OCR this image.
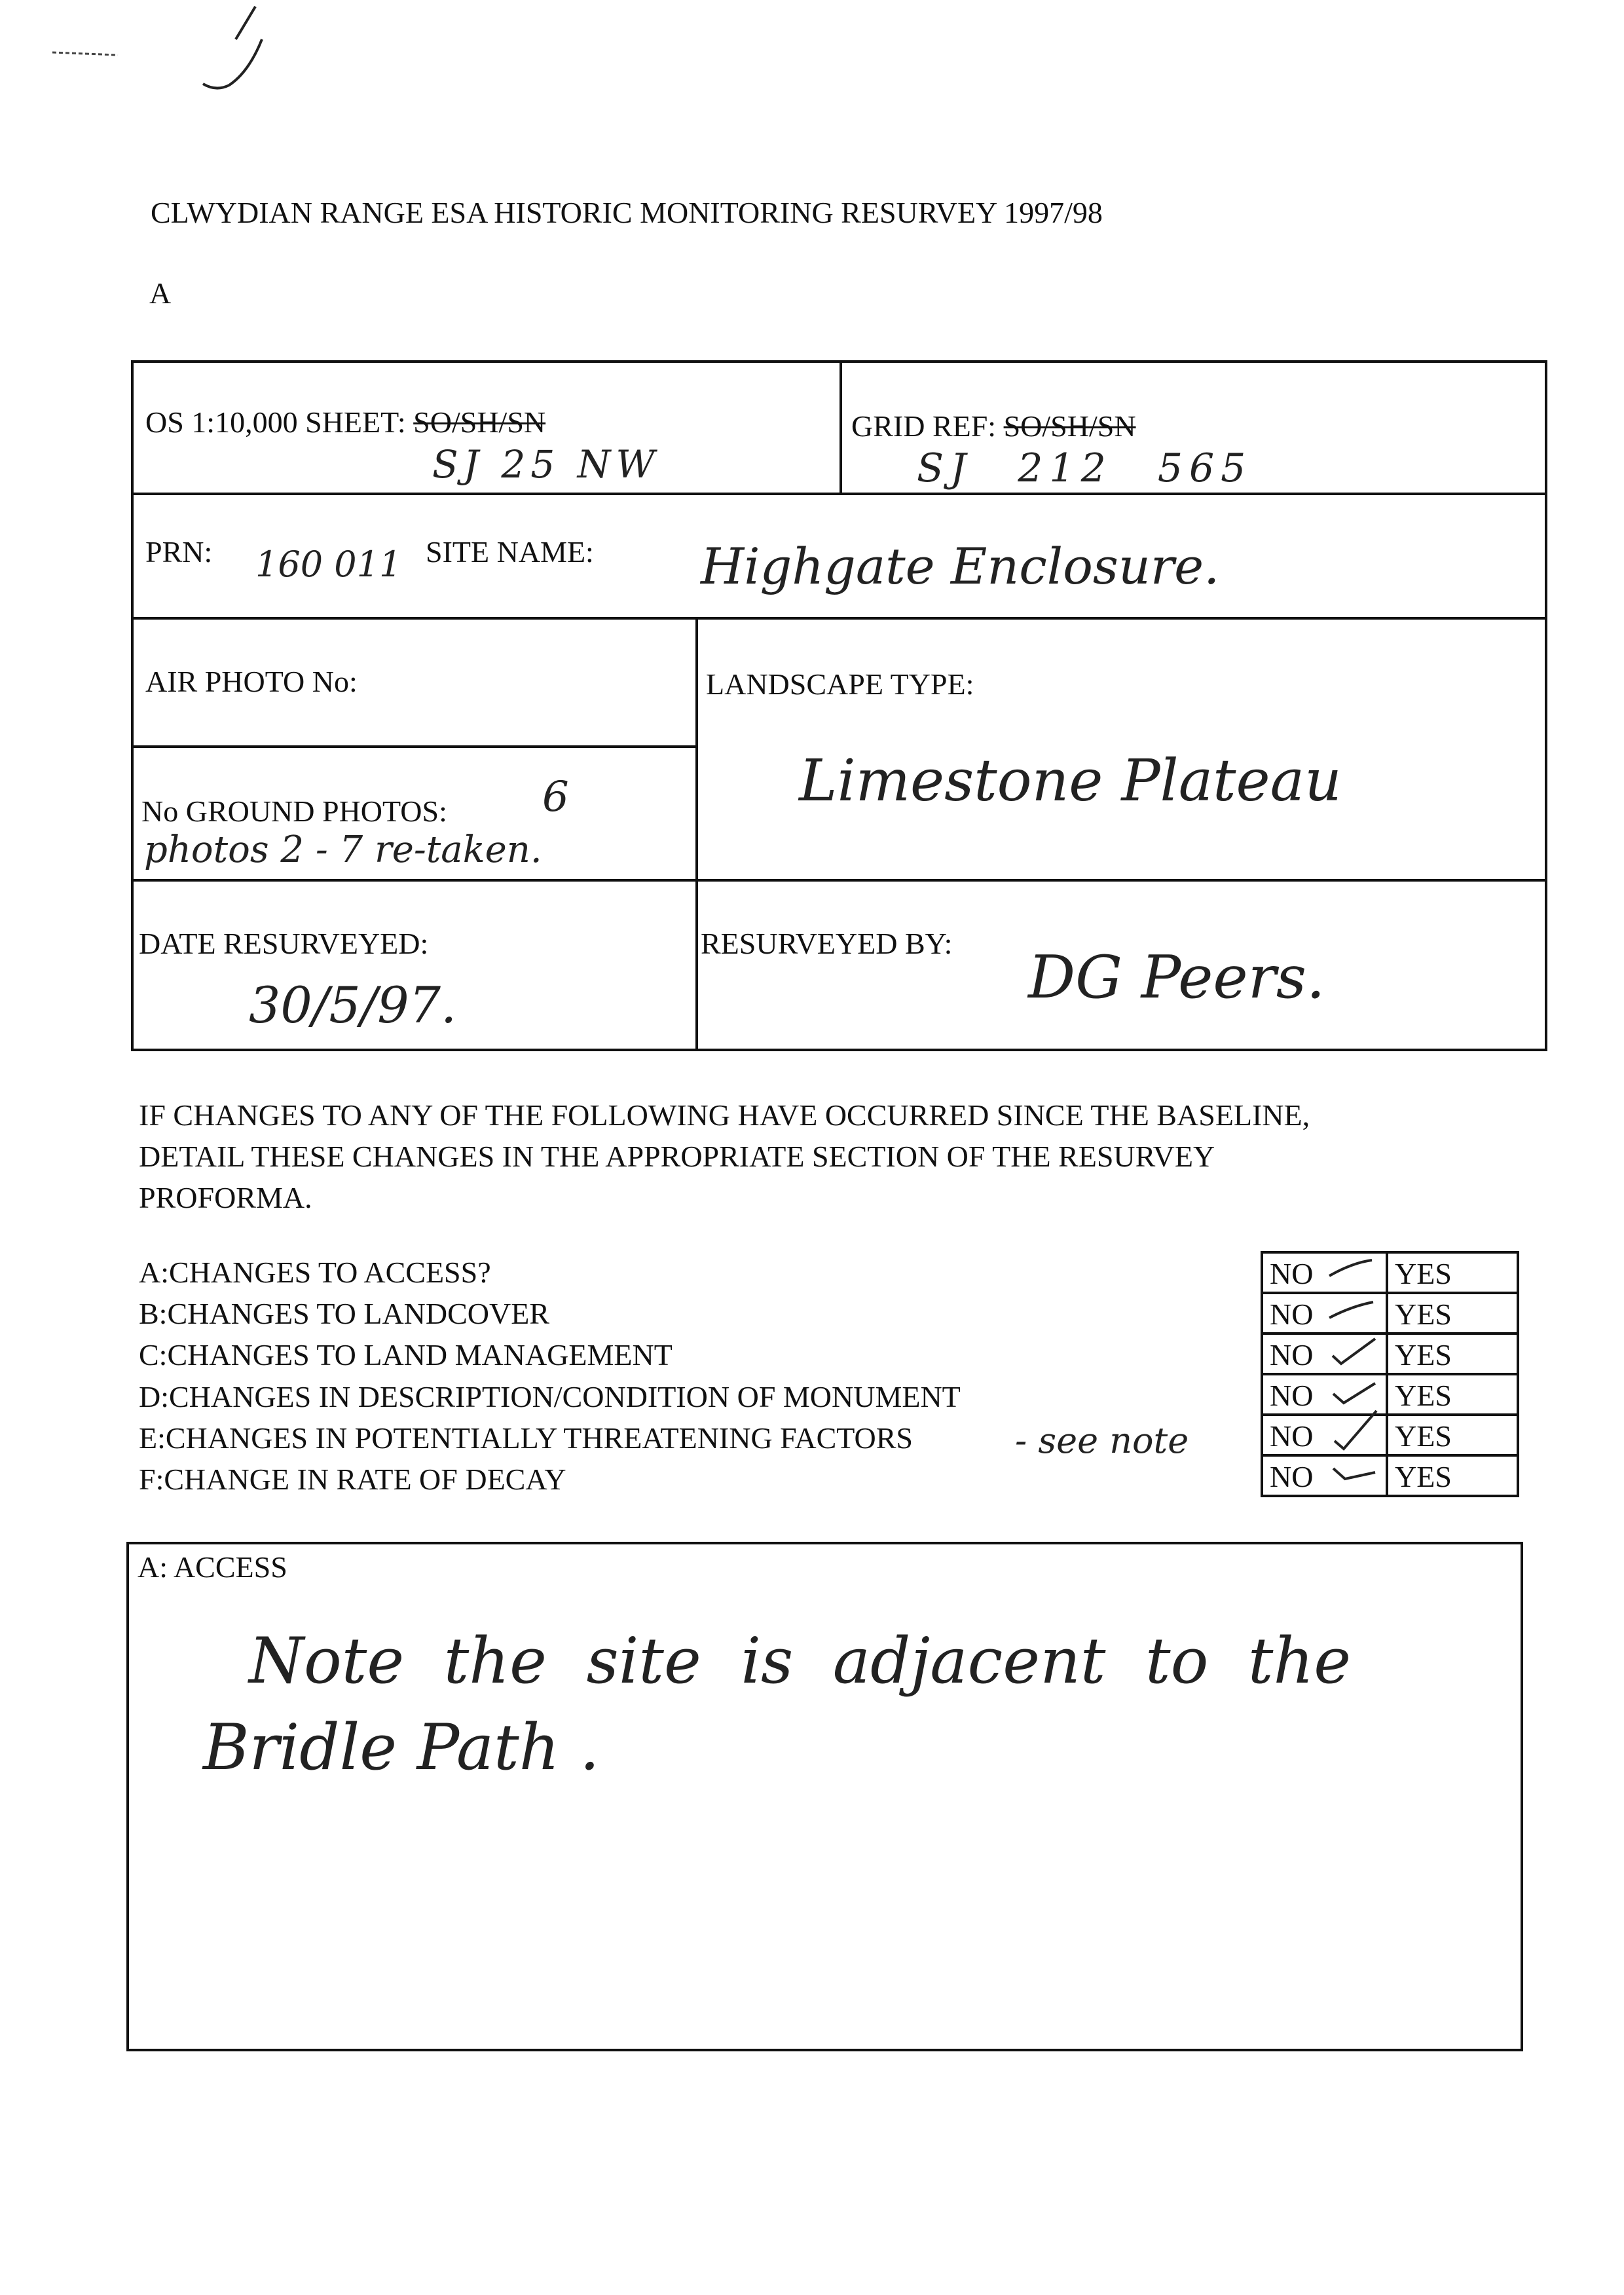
CLWYDIAN RANGE ESA HISTORIC MONITORING RESURVEY 1997/98
A
OS 1:10,000 SHEET: SO/SH/SN
SJ 25 NW
GRID REF: SO/SH/SN
SJ 212 565
PRN: 160 011 SITE NAME: Highgate Enclosure.
AIR PHOTO No:
No GROUND PHOTOS: 6
photos 2 - 7 re-taken.
LANDSCAPE TYPE:
Limestone Plateau
DATE RESURVEYED:
30/5/97.
RESURVEYED BY: DG Peers.
IF CHANGES TO ANY OF THE FOLLOWING HAVE OCCURRED SINCE THE BASELINE,
DETAIL THESE CHANGES IN THE APPROPRIATE SECTION OF THE RESURVEY
PROFORMA.
A:CHANGES TO ACCESS?
B:CHANGES TO LANDCOVER
C:CHANGES TO LAND MANAGEMENT
D:CHANGES IN DESCRIPTION/CONDITION OF MONUMENT
E:CHANGES IN POTENTIALLY THREATENING FACTORS	- see note
F:CHANGE IN RATE OF DECAY
NO	YES
NO	YES
NO	YES
NO	YES
NO	YES
NO	YES
A: ACCESS
Note the site is adjacent to the
Bridle Path .
